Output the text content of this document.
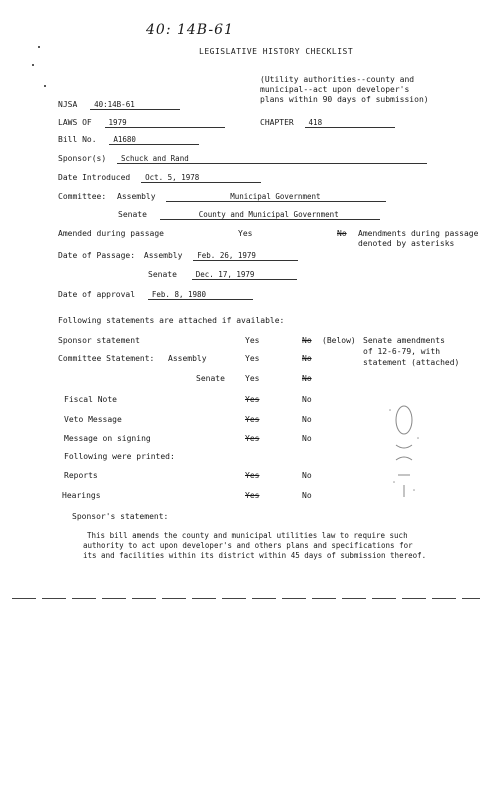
40: 14B-61
LEGISLATIVE HISTORY CHECKLIST
(Utility authorities--county and
municipal--act upon developer's
plans within 90 days of submission)
NJSA 40:14B-61
LAWS OF 1979	CHAPTER 418
Bill No. A1680
Sponsor(s) Schuck and Rand
Date Introduced Oct. 5, 1978
Committee: Assembly	Municipal Government
Senate	County and Municipal Government
Amended during passage	Yes	No Amendments during passage
denoted by asterisks
Date of Passage: Assembly Feb. 26, 1979
Senate	Dec. 17, 1979
Date of approval Feb. 8, 1980
Following statements are attached if available:
Sponsor statement	Yes	No (Below)
Committee Statement: Assembly	Yes	No
Senate	Yes	No
Fiscal Note	Yes	No
Veto Message	Yes	No
Message on signing	Yes	No
Senate amendments
of 12-6-79, with
statement (attached)
Following were printed:
Reports	Yes	No
Hearings	Yes	No
Sponsor's statement:
This bill amends the county and municipal utilities law to require such
authority to act upon developer's and others plans and specifications for
its and facilities within its district within 45 days of submission thereof.
